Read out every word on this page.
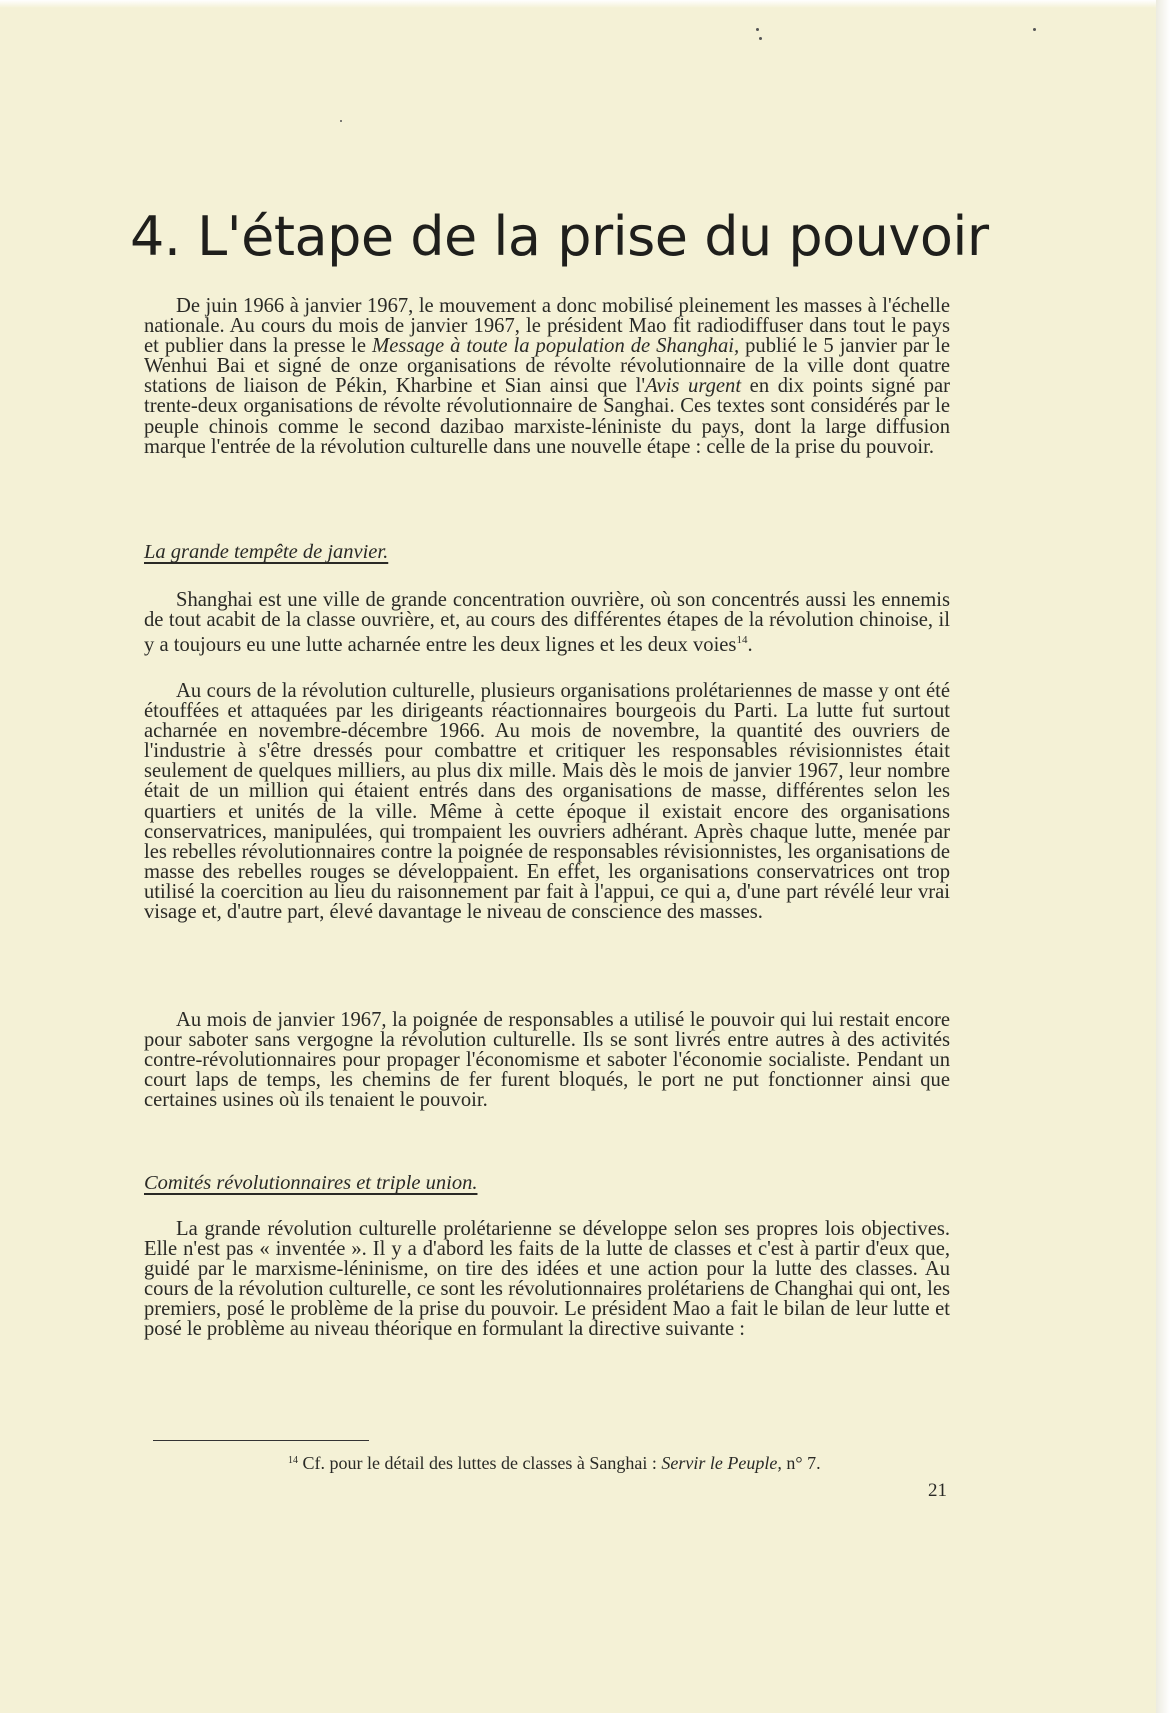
4. L'étape de la prise du pouvoir

De juin 1966 à janvier 1967, le mouvement a donc mobilisé pleinement les masses à l'échelle nationale. Au cours du mois de janvier 1967, le président Mao fit radiodiffuser dans tout le pays et publier dans la presse le Message à toute la population de Shanghai, publié le 5 janvier par le Wenhui Bai et signé de onze organisations de révolte révolutionnaire de la ville dont quatre stations de liaison de Pékin, Kharbine et Sian ainsi que l'Avis urgent en dix points signé par trente-deux organisations de révolte révolutionnaire de Sanghai. Ces textes sont considérés par le peuple chinois comme le second dazibao marxiste-léniniste du pays, dont la large diffusion marque l'entrée de la révolution culturelle dans une nouvelle étape : celle de la prise du pouvoir.

La grande tempête de janvier.

Shanghai est une ville de grande concentration ouvrière, où son concentrés aussi les ennemis de tout acabit de la classe ouvrière, et, au cours des différentes étapes de la révolution chinoise, il y a toujours eu une lutte acharnée entre les deux lignes et les deux voies$^{14}$.

Au cours de la révolution culturelle, plusieurs organisations prolétariennes de masse y ont été étouffées et attaquées par les dirigeants réactionnaires bourgeois du Parti. La lutte fut surtout acharnée en novembre-décembre 1966. Au mois de novembre, la quantité des ouvriers de l'industrie à s'être dressés pour combattre et critiquer les responsables révisionnistes était seulement de quelques milliers, au plus dix mille. Mais dès le mois de janvier 1967, leur nombre était de un million qui étaient entrés dans des organisations de masse, différentes selon les quartiers et unités de la ville. Même à cette époque il existait encore des organisations conservatrices, manipulées, qui trompaient les ouvriers adhérant. Après chaque lutte, menée par les rebelles révolutionnaires contre la poignée de responsables révisionnistes, les organisations de masse des rebelles rouges se développaient. En effet, les organisations conservatrices ont trop utilisé la coercition au lieu du raisonnement par fait à l'appui, ce qui a, d'une part révélé leur vrai visage et, d'autre part, élevé davantage le niveau de conscience des masses.

Au mois de janvier 1967, la poignée de responsables a utilisé le pouvoir qui lui restait encore pour saboter sans vergogne la révolution culturelle. Ils se sont livrés entre autres à des activités contre-révolutionnaires pour propager l'économisme et saboter l'économie socialiste. Pendant un court laps de temps, les chemins de fer furent bloqués, le port ne put fonctionner ainsi que certaines usines où ils tenaient le pouvoir.

Comités révolutionnaires et triple union.

La grande révolution culturelle prolétarienne se développe selon ses propres lois objectives. Elle n'est pas « inventée ». Il y a d'abord les faits de la lutte de classes et c'est à partir d'eux que, guidé par le marxisme-léninisme, on tire des idées et une action pour la lutte des classes. Au cours de la révolution culturelle, ce sont les révolutionnaires prolétariens de Changhai qui ont, les premiers, posé le problème de la prise du pouvoir. Le président Mao a fait le bilan de leur lutte et posé le problème au niveau théorique en formulant la directive suivante :

$^{14}$ Cf. pour le détail des luttes de classes à Sanghai : Servir le Peuple, n° 7.

21
